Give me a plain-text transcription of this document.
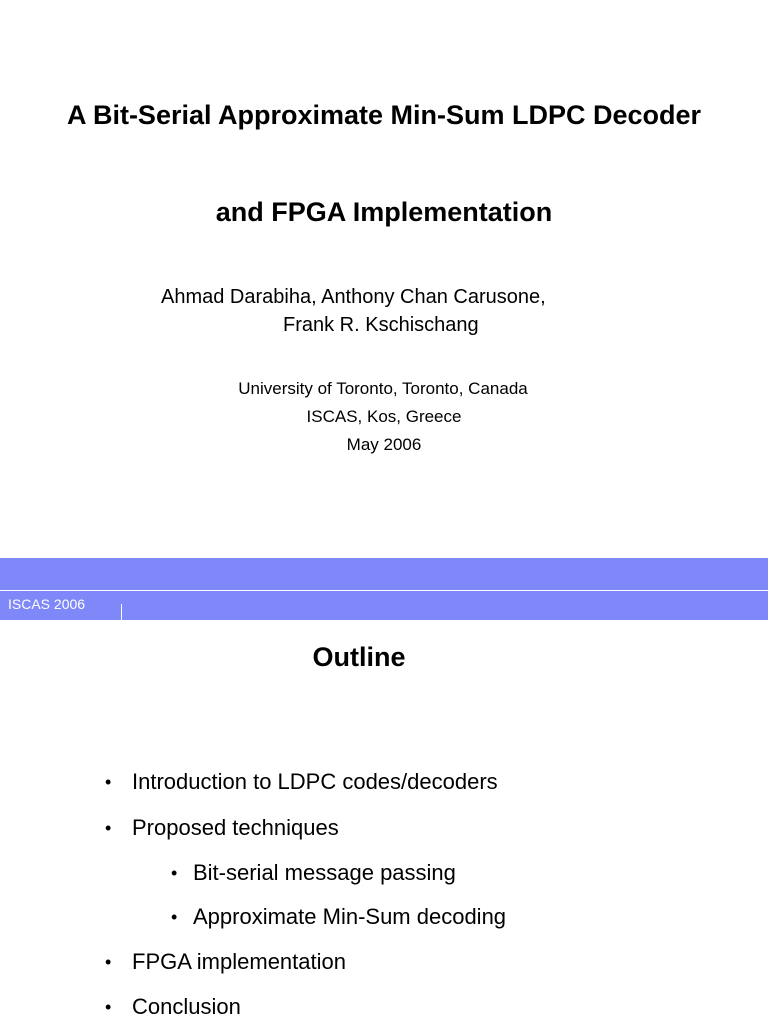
A Bit-Serial Approximate Min-Sum LDPC Decoder
and FPGA Implementation
Ahmad Darabiha, Anthony Chan Carusone,
Frank R. Kschischang
University of Toronto, Toronto, Canada
ISCAS, Kos, Greece
May 2006
ISCAS 2006
Outline
• Introduction to LDPC codes/decoders
• Proposed techniques
• Bit-serial message passing
• Approximate Min-Sum decoding
• FPGA implementation
• Conclusion
